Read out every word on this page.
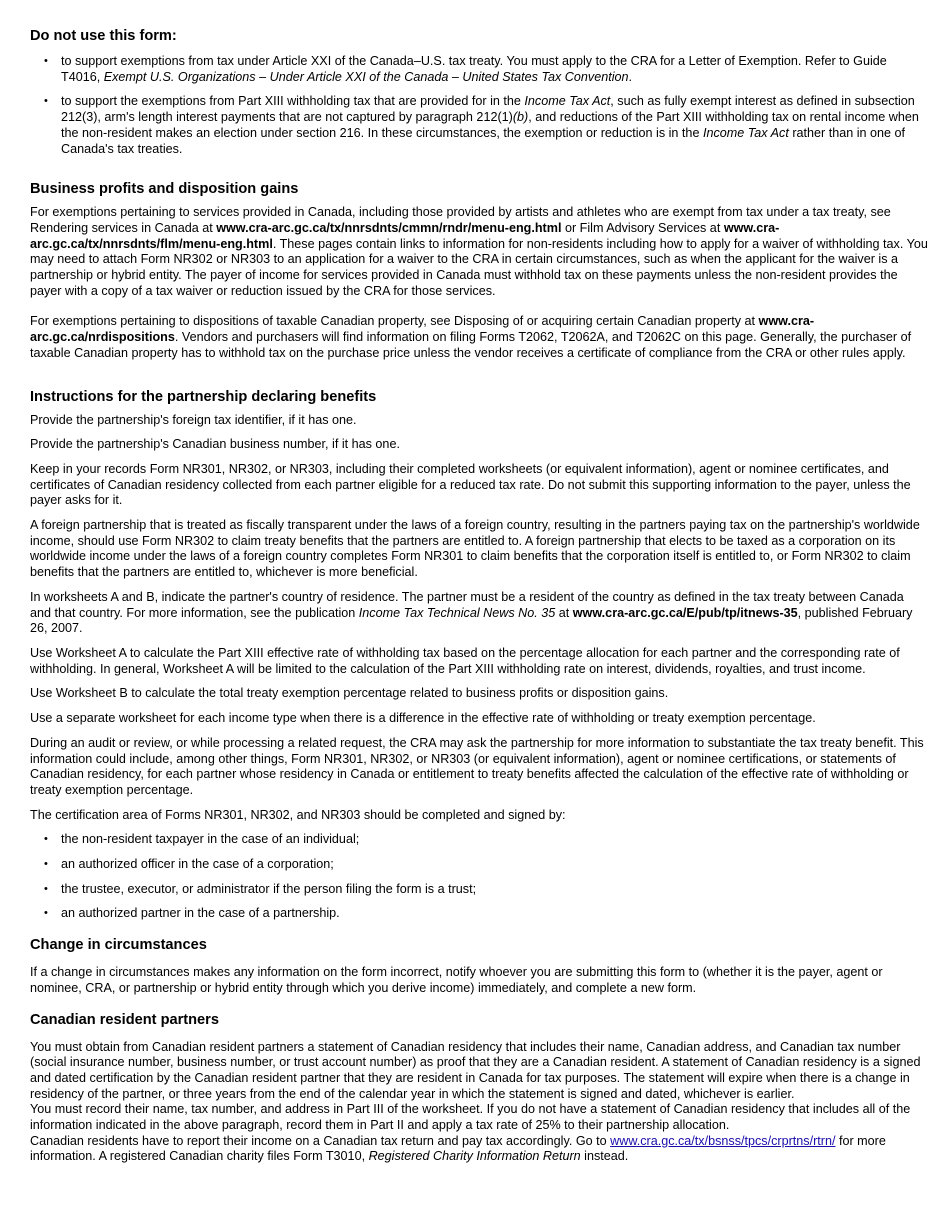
Do not use this form:
• to support exemptions from tax under Article XXI of the Canada–U.S. tax treaty. You must apply to the CRA for a Letter of Exemption. Refer to Guide T4016, Exempt U.S. Organizations – Under Article XXI of the Canada – United States Tax Convention.
• to support the exemptions from Part XIII withholding tax that are provided for in the Income Tax Act, such as fully exempt interest as defined in subsection 212(3), arm's length interest payments that are not captured by paragraph 212(1)(b), and reductions of the Part XIII withholding tax on rental income when the non-resident makes an election under section 216. In these circumstances, the exemption or reduction is in the Income Tax Act rather than in one of Canada's tax treaties.
Business profits and disposition gains

For exemptions pertaining to services provided in Canada, including those provided by artists and athletes who are exempt from tax under a tax treaty, see Rendering services in Canada at www.cra-arc.gc.ca/tx/nnrsdnts/cmmn/rndr/menu-eng.html or Film Advisory Services at www.cra-arc.gc.ca/tx/nnrsdnts/flm/menu-eng.html. These pages contain links to information for non-residents including how to apply for a waiver of withholding tax. You may need to attach Form NR302 or NR303 to an application for a waiver to the CRA in certain circumstances, such as when the applicant for the waiver is a partnership or hybrid entity. The payer of income for services provided in Canada must withhold tax on these payments unless the non-resident provides the payer with a copy of a tax waiver or reduction issued by the CRA for those services.

For exemptions pertaining to dispositions of taxable Canadian property, see Disposing of or acquiring certain Canadian property at www.cra-arc.gc.ca/nrdispositions. Vendors and purchasers will find information on filing Forms T2062, T2062A, and T2062C on this page. Generally, the purchaser of taxable Canadian property has to withhold tax on the purchase price unless the vendor receives a certificate of compliance from the CRA or other rules apply.

Instructions for the partnership declaring benefits

Provide the partnership's foreign tax identifier, if it has one.

Provide the partnership's Canadian business number, if it has one.

Keep in your records Form NR301, NR302, or NR303, including their completed worksheets (or equivalent information), agent or nominee certificates, and certificates of Canadian residency collected from each partner eligible for a reduced tax rate. Do not submit this supporting information to the payer, unless the payer asks for it.

A foreign partnership that is treated as fiscally transparent under the laws of a foreign country, resulting in the partners paying tax on the partnership's worldwide income, should use Form NR302 to claim treaty benefits that the partners are entitled to. A foreign partnership that elects to be taxed as a corporation on its worldwide income under the laws of a foreign country completes Form NR301 to claim benefits that the corporation itself is entitled to, or Form NR302 to claim benefits that the partners are entitled to, whichever is more beneficial.

In worksheets A and B, indicate the partner's country of residence. The partner must be a resident of the country as defined in the tax treaty between Canada and that country. For more information, see the publication Income Tax Technical News No. 35 at www.cra-arc.gc.ca/E/pub/tp/itnews-35, published February 26, 2007.

Use Worksheet A to calculate the Part XIII effective rate of withholding tax based on the percentage allocation for each partner and the corresponding rate of withholding. In general, Worksheet A will be limited to the calculation of the Part XIII withholding rate on interest, dividends, royalties, and trust income.

Use Worksheet B to calculate the total treaty exemption percentage related to business profits or disposition gains.

Use a separate worksheet for each income type when there is a difference in the effective rate of withholding or treaty exemption percentage.

During an audit or review, or while processing a related request, the CRA may ask the partnership for more information to substantiate the tax treaty benefit. This information could include, among other things, Form NR301, NR302, or NR303 (or equivalent information), agent or nominee certifications, or statements of Canadian residency, for each partner whose residency in Canada or entitlement to treaty benefits affected the calculation of the effective rate of withholding or treaty exemption percentage.

The certification area of Forms NR301, NR302, and NR303 should be completed and signed by:

• the non-resident taxpayer in the case of an individual;
• an authorized officer in the case of a corporation;
• the trustee, executor, or administrator if the person filing the form is a trust;
• an authorized partner in the case of a partnership.
Change in circumstances

If a change in circumstances makes any information on the form incorrect, notify whoever you are submitting this form to (whether it is the payer, agent or nominee, CRA, or partnership or hybrid entity through which you derive income) immediately, and complete a new form.

Canadian resident partners

You must obtain from Canadian resident partners a statement of Canadian residency that includes their name, Canadian address, and Canadian tax number (social insurance number, business number, or trust account number) as proof that they are a Canadian resident. A statement of Canadian residency is a signed and dated certification by the Canadian resident partner that they are resident in Canada for tax purposes. The statement will expire when there is a change in residency of the partner, or three years from the end of the calendar year in which the statement is signed and dated, whichever is earlier.

You must record their name, tax number, and address in Part III of the worksheet. If you do not have a statement of Canadian residency that includes all of the information indicated in the above paragraph, record them in Part II and apply a tax rate of 25% to their partnership allocation.

Canadian residents have to report their income on a Canadian tax return and pay tax accordingly. Go to www.cra.gc.ca/tx/bsnss/tpcs/crprtns/rtrn/ for more information. A registered Canadian charity files Form T3010, Registered Charity Information Return instead.
